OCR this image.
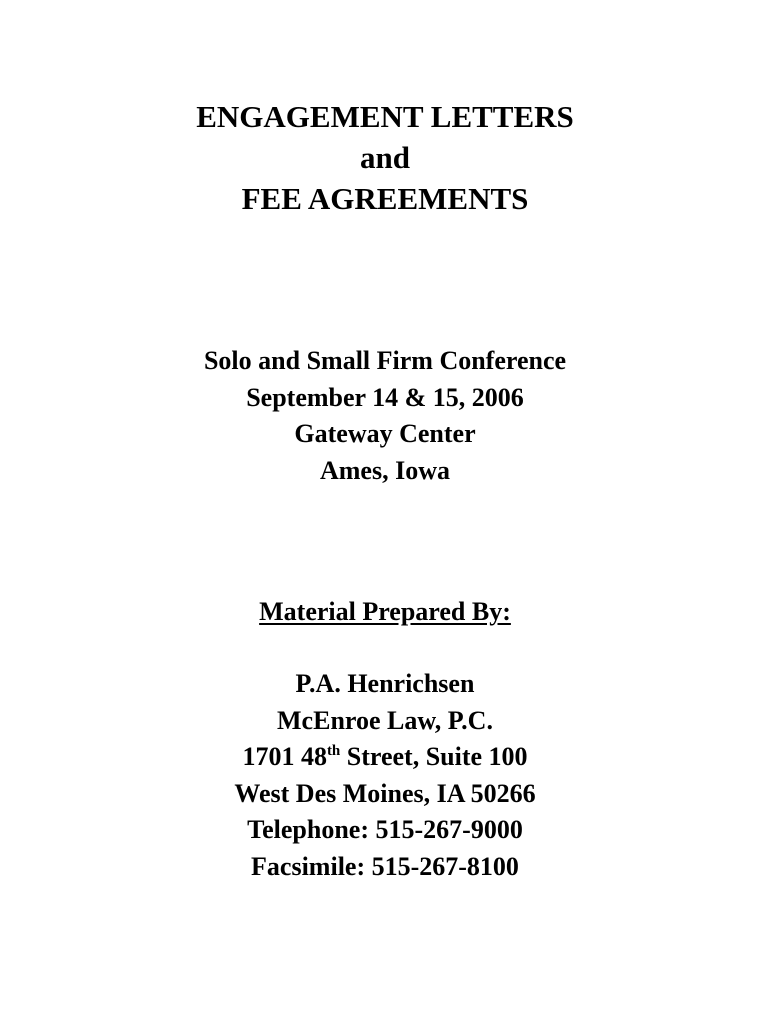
ENGAGEMENT LETTERS
and
FEE AGREEMENTS
Solo and Small Firm Conference
September 14 & 15, 2006
Gateway Center
Ames, Iowa
Material Prepared By:
P.A. Henrichsen
McEnroe Law, P.C.
1701 48th Street, Suite 100
West Des Moines, IA 50266
Telephone: 515-267-9000
Facsimile: 515-267-8100
